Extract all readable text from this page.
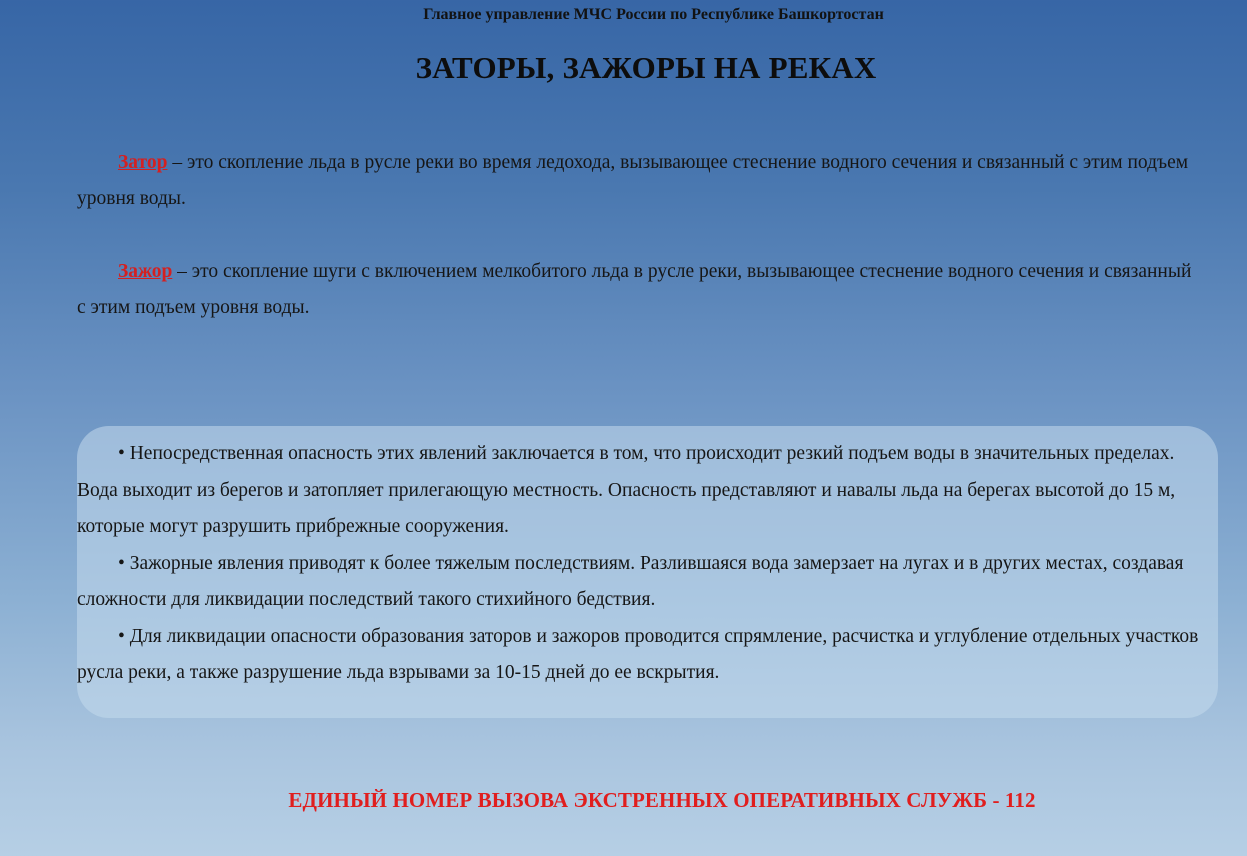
Главное управление МЧС России по Республике Башкортостан
ЗАТОРЫ, ЗАЖОРЫ НА РЕКАХ

Затор – это скопление льда в русле реки во время ледохода, вызывающее стеснение водного сечения и связанный с этим подъем уровня воды.

Зажор – это скопление шуги с включением мелкобитого льда в русле реки, вызывающее стеснение водного сечения и связанный с этим подъем уровня воды.

• Непосредственная опасность этих явлений заключается в том, что происходит резкий подъем воды в значительных пределах. Вода выходит из берегов и затопляет прилегающую местность. Опасность представляют и навалы льда на берегах высотой до 15 м, которые могут разрушить прибрежные сооружения.
• Зажорные явления приводят к более тяжелым последствиям. Разлившаяся вода замерзает на лугах и в других местах, создавая сложности для ликвидации последствий такого стихийного бедствия.
• Для ликвидации опасности образования заторов и зажоров проводится спрямление, расчистка и углубление отдельных участков русла реки, а также разрушение льда взрывами за 10-15 дней до ее вскрытия.
ЕДИНЫЙ НОМЕР ВЫЗОВА ЭКСТРЕННЫХ ОПЕРАТИВНЫХ СЛУЖБ - 112
